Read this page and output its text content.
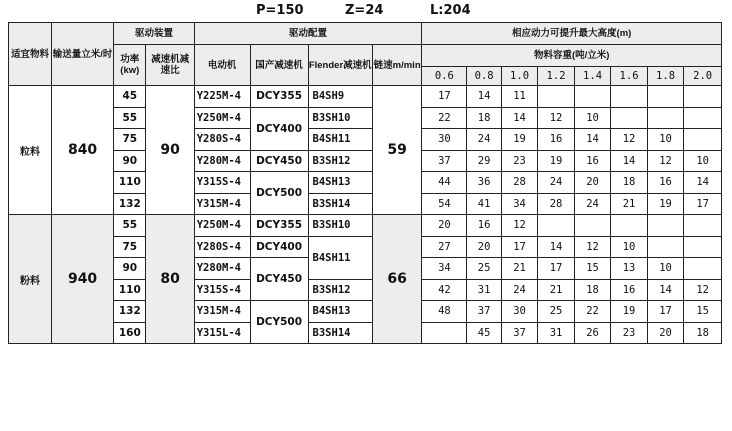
P=150	Z=24	L:204
适宜物料	输送量立米/时	驱动装置		驱动配置				相应动力可提升最大高度(m)							
		功率(kw)	减速机减速比	电动机	国产减速机	Flender减速机	链速m/min	物料容重(吨/立米)							
								0.6	0.8	1.0	1.2	1.4	1.6	1.8	2.0
粒料	840	45	90	Y225M-4	DCY355	B4SH9	59	17	14	11					
		55		Y250M-4	DCY400	B3SH10		22	18	14	12	10			
		75		Y280S-4		B4SH11		30	24	19	16	14	12	10	
		90		Y280M-4	DCY450	B3SH12		37	29	23	19	16	14	12	10
		110		Y315S-4	DCY500	B4SH13		44	36	28	24	20	18	16	14
		132		Y315M-4		B3SH14		54	41	34	28	24	21	19	17
粉料	940	55	80	Y250M-4	DCY355	B3SH10	66	20	16	12					
		75		Y280S-4	DCY400	B4SH11		27	20	17	14	12	10		
		90		Y280M-4	DCY450			34	25	21	17	15	13	10	
		110		Y315S-4		B3SH12		42	31	24	21	18	16	14	12
		132		Y315M-4	DCY500	B4SH13		48	37	30	25	22	19	17	15
		160		Y315L-4		B3SH14			45	37	31	26	23	20	18
